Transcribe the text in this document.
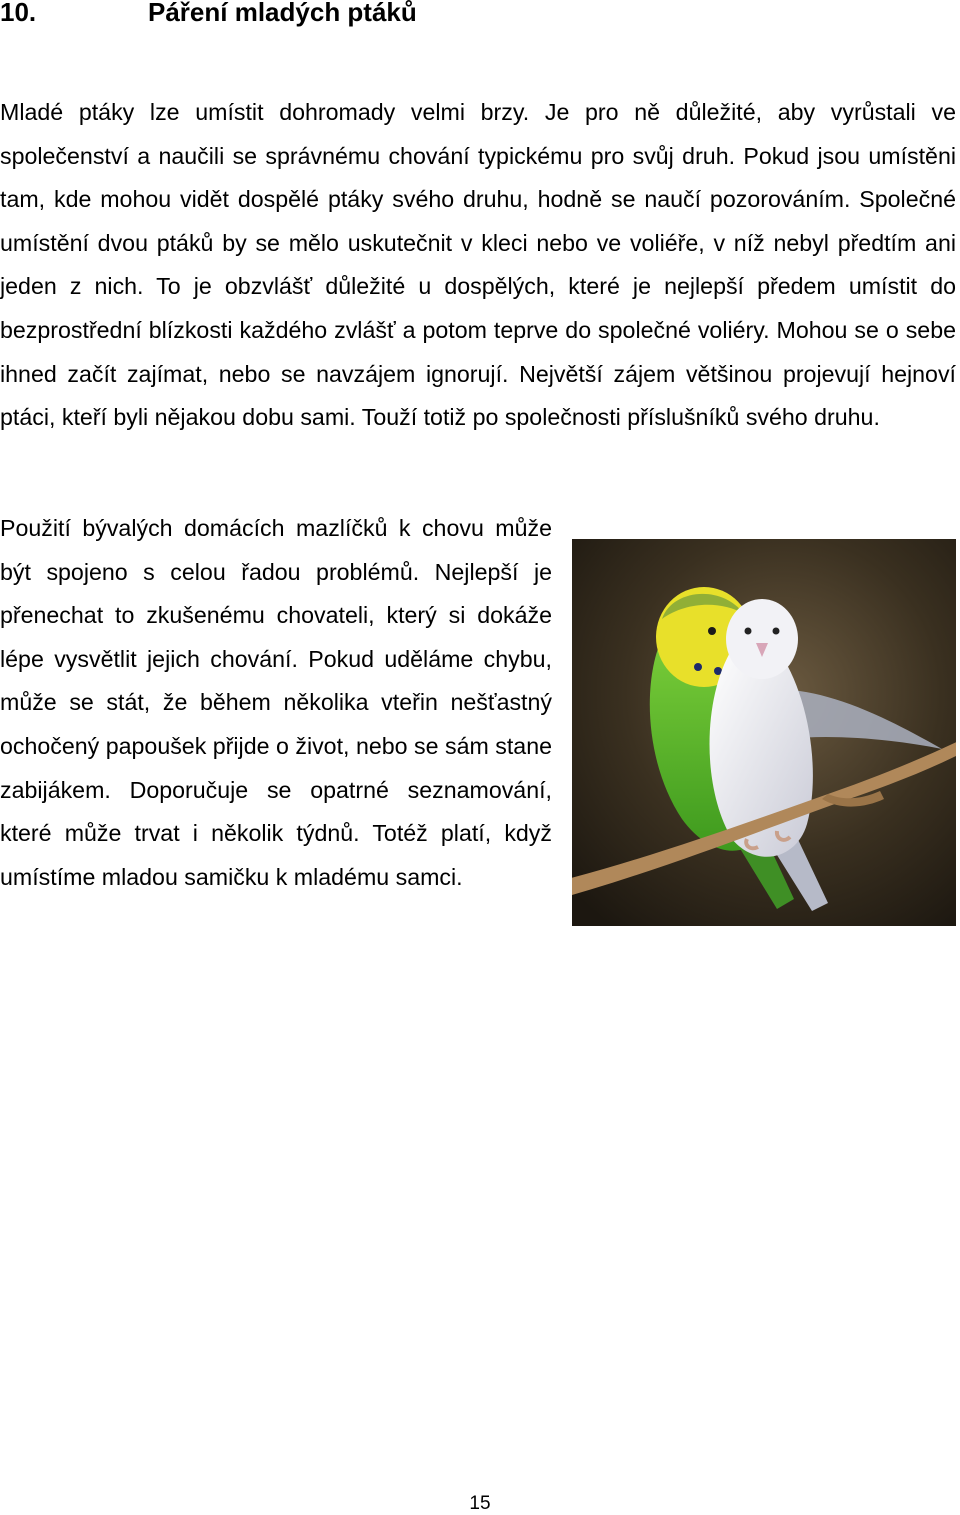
10.	Páření mladých ptáků

Mladé ptáky lze umístit dohromady velmi brzy. Je pro ně důležité, aby vyrůstali ve společenství a naučili se správnému chování typickému pro svůj druh. Pokud jsou umístěni tam, kde mohou vidět dospělé ptáky svého druhu, hodně se naučí pozorováním. Společné umístění dvou ptáků by se mělo uskutečnit v kleci nebo ve voliéře, v níž nebyl předtím ani jeden z nich. To je obzvlášť důležité u dospělých, které je nejlepší předem umístit do bezprostřední blízkosti každého zvlášť a potom teprve do společné voliéry. Mohou se o sebe ihned začít zajímat, nebo se navzájem ignorují. Největší zájem většinou projevují hejnoví ptáci, kteří byli nějakou dobu sami. Touží totiž po společnosti příslušníků svého druhu.

Použití bývalých domácích mazlíčků k chovu může být spojeno s celou řadou problémů. Nejlepší je přenechat to zkušenému chovateli, který si dokáže lépe vysvětlit jejich chování. Pokud uděláme chybu, může se stát, že během několika vteřin nešťastný ochočený papoušek přijde o život, nebo se sám stane zabijákem. Doporučuje se opatrné seznamování, které může trvat i několik týdnů. Totéž platí, když umístíme mladou samičku k mladému samci.

15
